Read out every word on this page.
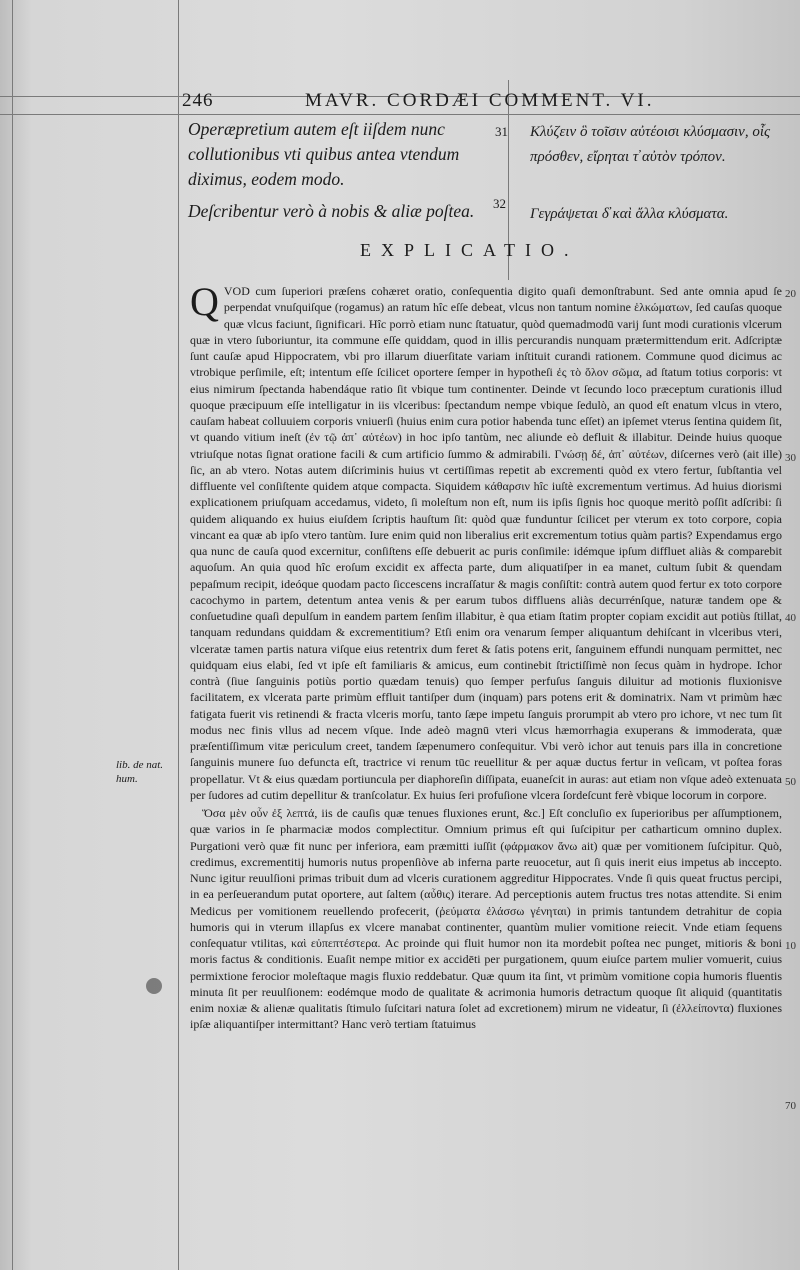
246	MAVR. CORDÆI COMMENT. VI.

Operæpretium autem eſt iiſdem nunc collutionibus vti quibus antea vtendum diximus, eodem modo.

Deſcribentur verò à nobis & aliæ poſtea.

31
32

Κλύζειν ὃ τοῖσιν αὐτέοισι κλύσμασιν, οἷς πρόσθεν, εἴρηται τ̓ αὐτὸν τρόπον.

Γεγράψεται δ̓ καὶ ἄλλα κλύσματα.

EXPLICATIO.

QVOD cum ſuperiori præſens cohæret oratio, conſequentia digito quaſi demonſtrabunt. Sed ante omnia apud ſe perpendat vnuſquiſque (rogamus) an ratum hîc eſſe debeat, vlcus non tantum nomine ἑλκώματων, ſed cauſas quoque quæ vlcus faciunt, ſignificari. Hîc porrò etiam nunc ſtatuatur, quòd quemadmodū varij ſunt modi curationis vlcerum quæ in vtero ſuboriuntur, ita commune eſſe quiddam, quod in illis percurandis nunquam prætermittendum erit. Adſcriptæ ſunt cauſæ apud Hippocratem, vbi pro illarum diuerſitate variam inſtituit curandi rationem. Commune quod dicimus ac vtrobique perſimile, eſt; intentum eſſe ſcilicet oportere ſemper in hypotheſi ἐς τὸ ὅλον σῶμα, ad ſtatum totius corporis: vt eius nimirum ſpectanda habendáque ratio ſit vbique tum continenter. Deinde vt ſecundo loco præceptum curationis illud quoque præcipuum eſſe intelligatur in iis vlceribus: ſpectandum nempe vbique ſedulò, an quod eſt enatum vlcus in vtero, cauſam habeat colluuiem corporis vniuerſi (huius enim cura potior habenda tunc eſſet) an ipſemet vterus ſentina quidem ſit, vt quando vitium ineſt (ἐν τῷ ἀπ᾽ αὐτέων) in hoc ipſo tantùm, nec aliunde eò defluit & illabitur. Deinde huius quoque vtriuſque notas ſignat oratione facili & cum artificio ſummo & admirabili. Γνώσῃ δέ, ἀπ᾽ αὐτέων, diſcernes verò (ait ille) ſic, an ab vtero. Notas autem diſcriminis huius vt certiſſimas repetit ab excrementi quòd ex vtero fertur, ſubſtantia vel diffluente vel conſiſtente quidem atque compacta. Siquidem κάθαρσιν hîc iuſtè excrementum vertimus. Ad huius diorismi explicationem priuſquam accedamus, videto, ſi moleſtum non eſt, num iis ipſis ſignis hoc quoque meritò poſſit adſcribi: ſi quidem aliquando ex huius eiuſdem ſcriptis hauſtum ſit: quòd quæ funduntur ſcilicet per vterum ex toto corpore, copia vincant ea quæ ab ipſo vtero tantùm. Iure enim quid non liberalius erit excrementum totius quàm partis? Expendamus ergo qua nunc de cauſa quod excernitur, conſiſtens eſſe debuerit ac puris conſimile: idémque ipſum diffluet aliàs & comparebit aquoſum. An quia quod hîc eroſum excidit ex affecta parte, dum aliquatiſper in ea manet, cultum ſubit & quendam pepaſmum recipit, ideóque quodam pacto ſiccescens incraſſatur & magis conſiſtit: contrà autem quod fertur ex toto corpore cacochymo in partem, detentum antea venis & per earum tubos diffluens aliàs decurrénſque, naturæ tandem ope & conſuetudine quaſi depulſum in eandem partem ſenſim illabitur, è qua etiam ſtatim propter copiam excidit aut potiùs ſtillat, tanquam redundans quiddam & excrementitium? Etſi enim ora venarum ſemper aliquantum dehiſcant in vlceribus vteri, vlceratæ tamen partis natura viſque eius retentrix dum feret & ſatis potens erit, ſanguinem effundi nunquam permittet, nec quidquam eius elabi, ſed vt ipſe eſt familiaris & amicus, eum continebit ſtrictiſſimè non ſecus quàm in hydrope. Ichor contrà (ſiue ſanguinis potiùs portio quædam tenuis) quo ſemper perfuſus ſanguis diluitur ad motionis fluxionisve facilitatem, ex vlcerata parte primùm effluit tantiſper dum (inquam) pars potens erit & dominatrix. Nam vt primùm hæc fatigata fuerit vis retinendi & fracta vlceris morſu, tanto ſæpe impetu ſanguis prorumpit ab vtero pro ichore, vt nec tum ſit modus nec finis vllus ad necem vſque. Inde adeò magnū vteri vlcus hæmorrhagia exuperans & immoderata, quæ præſentiſſimum vitæ periculum creet, tandem ſæpenumero conſequitur. Vbi verò ichor aut tenuis pars illa in concretione ſanguinis munere ſuo defuncta eſt, tractrice vi renum tūc reuellitur & per aquæ ductus fertur in veſicam, vt poſtea foras propellatur. Vt & eius quædam portiuncula per diaphoreſin diſſipata, euaneſcit in auras: aut etiam non vſque adeò extenuata per ſudores ad cutim depellitur & tranſcolatur. Ex huius ſeri profuſione vlcera ſordeſcunt ferè vbique locorum in corpore.

Ὅσα μὲν οὖν ἐξ λεπτά, iis de cauſis quæ tenues fluxiones erunt, &c.] Eſt concluſio ex ſuperioribus per aſſumptionem, quæ varios in ſe pharmaciæ modos complectitur. Omnium primus eſt qui ſuſcipitur per catharticum omnino duplex. Purgationi verò quæ fit nunc per inferiora, eam præmitti iuſſit (φάρμακον ἄνω ait) quæ per vomitionem ſuſcipitur. Quò, credimus, excrementitij humoris nutus propenſiòve ab inferna parte reuocetur, aut ſi quis inerit eius impetus ab inccepto. Nunc igitur reuulſioni primas tribuit dum ad vlceris curationem aggreditur Hippocrates. Vnde ſi quis queat fructus percipi, in ea perſeuerandum putat oportere, aut ſaltem (αὖθις) iterare. Ad perceptionis autem fructus tres notas attendite. Si enim Medicus per vomitionem reuellendo profecerit, (ῥεύματα ἐλάσσω γένηται) in primis tantundem detrahitur de copia humoris qui in vterum illapſus ex vlcere manabat continenter, quantùm mulier vomitione reiecit. Vnde etiam ſequens conſequatur vtilitas, καὶ εὐπεπτέστερα. Ac proinde qui fluit humor non ita mordebit poſtea nec punget, mitioris & boni moris factus & conditionis. Euaſit nempe mitior ex accidēti per purgationem, quum eiuſce partem mulier vomuerit, cuius permixtione ferocior moleſtaque magis fluxio reddebatur. Quæ quum ita ſint, vt primùm vomitione copia humoris fluentis minuta ſit per reuulſionem: eodémque modo de qualitate & acrimonia humoris detractum quoque ſit aliquid (quantitatis enim noxiæ & alienæ qualitatis ſtimulo ſuſcitari natura ſolet ad excretionem) mirum ne videatur, ſi (ἐλλείποντα) fluxiones ipſæ aliquantiſper intermittant? Hanc verò tertiam ſtatuimus

lib. de nat. hum.
20
30
40
50
10
70
